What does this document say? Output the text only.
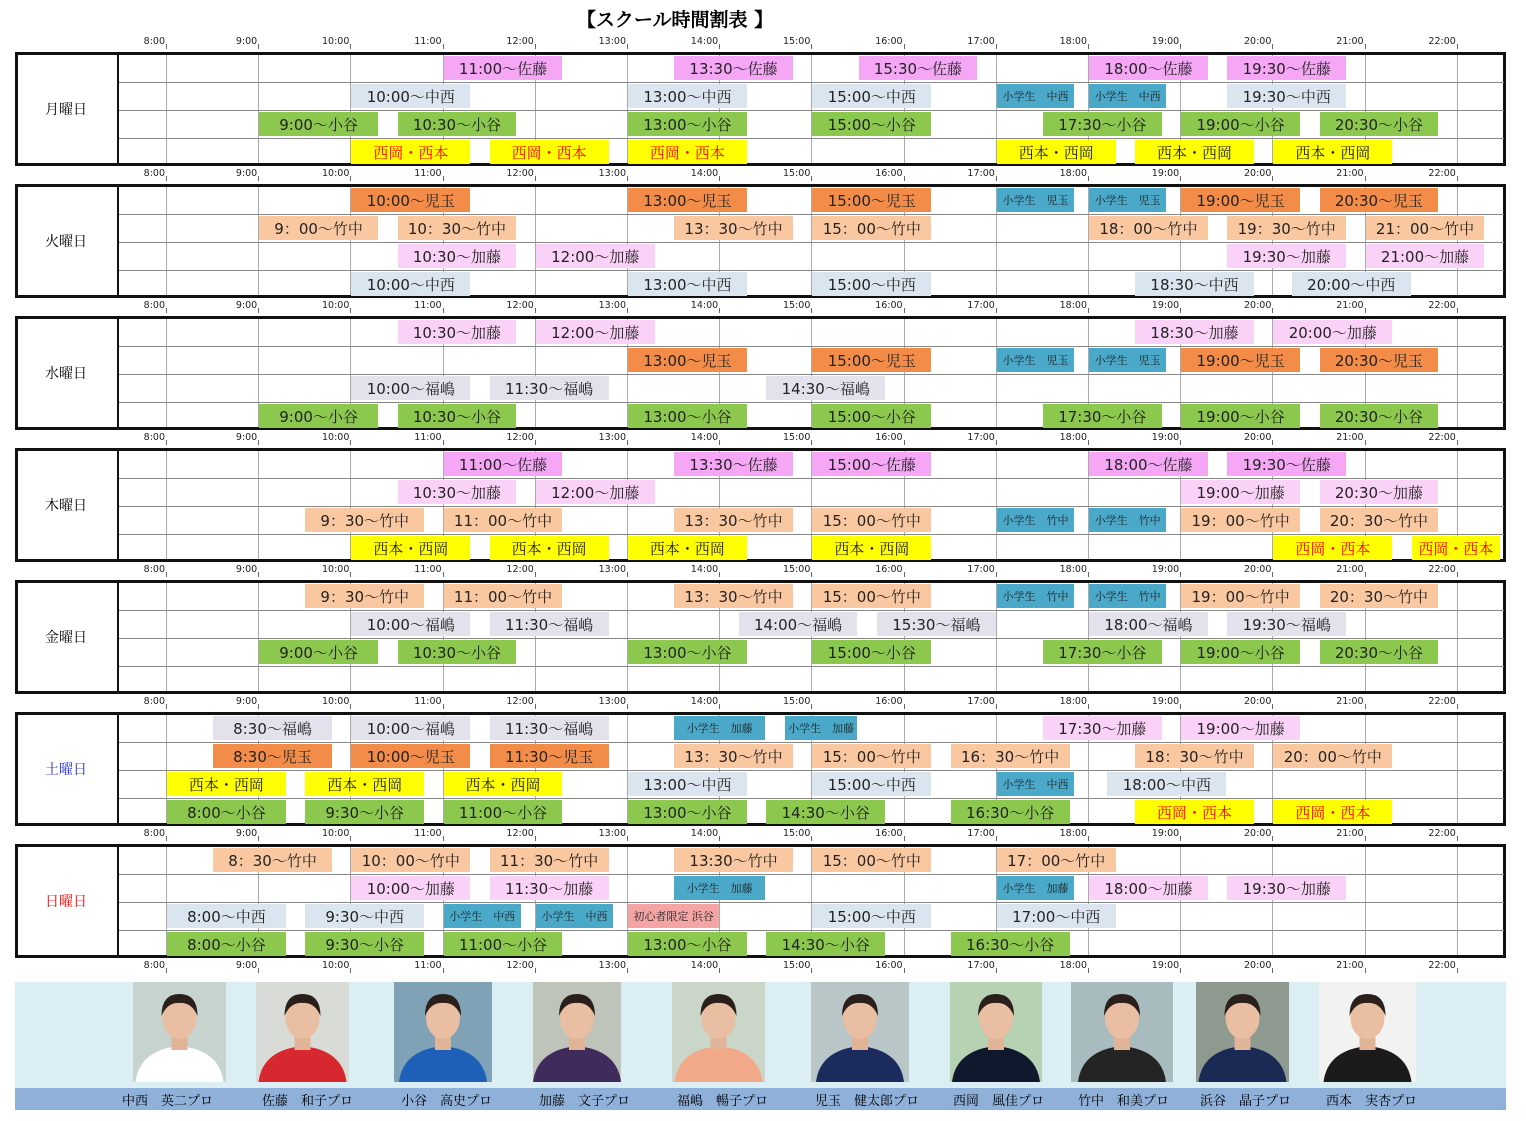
【スクール時間割表 】
8:00	9:00	10:00	11:00	12:00	13:00	14:00	15:00	16:00	17:00	18:00	19:00	20:00	21:00	22:00
8:00	9:00	10:00	11:00	12:00	13:00	14:00	15:00	16:00	17:00	18:00	19:00	20:00	21:00	22:00
8:00	9:00	10:00	11:00	12:00	13:00	14:00	15:00	16:00	17:00	18:00	19:00	20:00	21:00	22:00
8:00	9:00	10:00	11:00	12:00	13:00	14:00	15:00	16:00	17:00	18:00	19:00	20:00	21:00	22:00
8:00	9:00	10:00	11:00	12:00	13:00	14:00	15:00	16:00	17:00	18:00	19:00	20:00	21:00	22:00
8:00	9:00	10:00	11:00	12:00	13:00	14:00	15:00	16:00	17:00	18:00	19:00	20:00	21:00	22:00
8:00	9:00	10:00	11:00	12:00	13:00	14:00	15:00	16:00	17:00	18:00	19:00	20:00	21:00	22:00
8:00	9:00	10:00	11:00	12:00	13:00	14:00	15:00	16:00	17:00	18:00	19:00	20:00	21:00	22:00
月曜日
11:00〜佐藤	13:30〜佐藤	15:30〜佐藤	18:00〜佐藤	19:30〜佐藤
10:00〜中西	13:00〜中西	15:00〜中西	小学生　中西	小学生　中西	19:30〜中西
9:00〜小谷	10:30〜小谷	13:00〜小谷	15:00〜小谷	17:30〜小谷	19:00〜小谷	20:30〜小谷
西岡・西本	西岡・西本	西岡・西本	西本・西岡	西本・西岡	西本・西岡
火曜日
10:00〜児玉	13:00〜児玉	15:00〜児玉	小学生　児玉	小学生　児玉	19:00〜児玉	20:30〜児玉
9：00〜竹中	10：30〜竹中	13：30〜竹中	15：00〜竹中	18：00〜竹中	19：30〜竹中	21：00〜竹中
10:30〜加藤	12:00〜加藤	19:30〜加藤	21:00〜加藤
10:00〜中西	13:00〜中西	15:00〜中西	18:30〜中西	20:00〜中西
水曜日
10:30〜加藤	12:00〜加藤	18:30〜加藤	20:00〜加藤
13:00〜児玉	15:00〜児玉	小学生　児玉	小学生　児玉	19:00〜児玉	20:30〜児玉
10:00〜福嶋	11:30〜福嶋	14:30〜福嶋
9:00〜小谷	10:30〜小谷	13:00〜小谷	15:00〜小谷	17:30〜小谷	19:00〜小谷	20:30〜小谷
木曜日
11:00〜佐藤	13:30〜佐藤	15:00〜佐藤	18:00〜佐藤	19:30〜佐藤
10:30〜加藤	12:00〜加藤	19:00〜加藤	20:30〜加藤
9：30〜竹中	11：00〜竹中	13：30〜竹中	15：00〜竹中	小学生　竹中	小学生　竹中	19：00〜竹中	20：30〜竹中
西本・西岡	西本・西岡	西本・西岡	西本・西岡	西岡・西本	西岡・西本
金曜日
9：30〜竹中	11：00〜竹中	13：30〜竹中	15：00〜竹中	小学生　竹中	小学生　竹中	19：00〜竹中	20：30〜竹中
10:00〜福嶋	11:30〜福嶋	14:00〜福嶋	15:30〜福嶋	18:00〜福嶋	19:30〜福嶋
9:00〜小谷	10:30〜小谷	13:00〜小谷	15:00〜小谷	17:30〜小谷	19:00〜小谷	20:30〜小谷
土曜日
8:30〜福嶋	10:00〜福嶋	11:30〜福嶋	小学生　加藤	小学生　加藤	17:30〜加藤	19:00〜加藤
8:30〜児玉	10:00〜児玉	11:30〜児玉	13：30〜竹中	15：00〜竹中	16：30〜竹中	18：30〜竹中	20：00〜竹中
西本・西岡	西本・西岡	西本・西岡	13:00〜中西	15:00〜中西	小学生　中西	18:00〜中西
8:00〜小谷	9:30〜小谷	11:00〜小谷	13:00〜小谷	14:30〜小谷	16:30〜小谷	西岡・西本	西岡・西本
日曜日
8：30〜竹中	10：00〜竹中	11：30〜竹中	13:30〜竹中	15：00〜竹中	17：00〜竹中
10:00〜加藤	11:30〜加藤	小学生　加藤	小学生　加藤	18:00〜加藤	19:30〜加藤
8:00〜中西	9:30〜中西	小学生　中西	小学生　中西	初心者限定 浜谷	15:00〜中西	17:00〜中西
8:00〜小谷	9:30〜小谷	11:00〜小谷	13:00〜小谷	14:30〜小谷	16:30〜小谷
中西　英二プロ	佐藤　和子プロ	小谷　高史プロ	加藤　文子プロ	福嶋　暢子プロ	児玉　健太郎プロ	西岡　風佳プロ	竹中　和美プロ 浜谷　晶子プロ	西本　実杏プロ
